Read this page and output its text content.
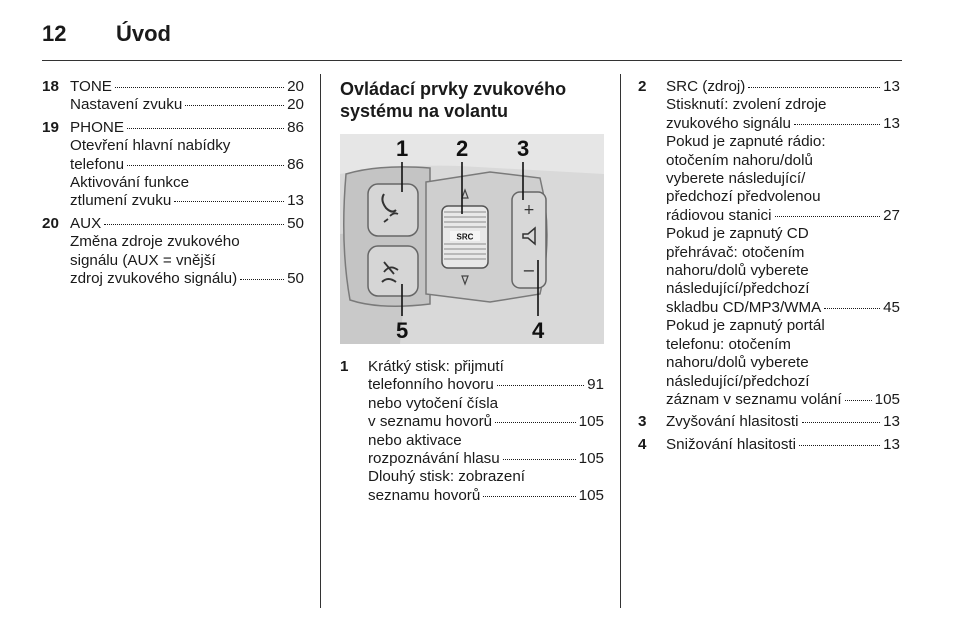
12	Úvod
18 TONE	20
Nastavení zvuku	20
19 PHONE	86
Otevření hlavní nabídky
telefonu	86
Aktivování funkce
ztlumení zvuku	13
20 AUX	50
Změna zdroje zvukového
signálu (AUX = vnější
zdroj zvukového signálu)	50
Ovládací prvky zvukového
systému na volantu
SRC
+
−
1 2 3
4
5
1	Krátký stisk: přijmutí
telefonního hovoru	91
nebo vytočení čísla
v seznamu hovorů	105
nebo aktivace
rozpoznávání hlasu	105
Dlouhý stisk: zobrazení
seznamu hovorů	105
2	SRC (zdroj)	13
Stisknutí: zvolení zdroje
zvukového signálu	13
Pokud je zapnuté rádio:
otočením nahoru/dolů
vyberete následující/
předchozí předvolenou
rádiovou stanici	27
Pokud je zapnutý CD
přehrávač: otočením
nahoru/dolů vyberete
následující/předchozí
skladbu CD/MP3/WMA	45
Pokud je zapnutý portál
telefonu: otočením
nahoru/dolů vyberete
následující/předchozí
záznam v seznamu volání 105
3	Zvyšování hlasitosti	13
4	Snižování hlasitosti	13
